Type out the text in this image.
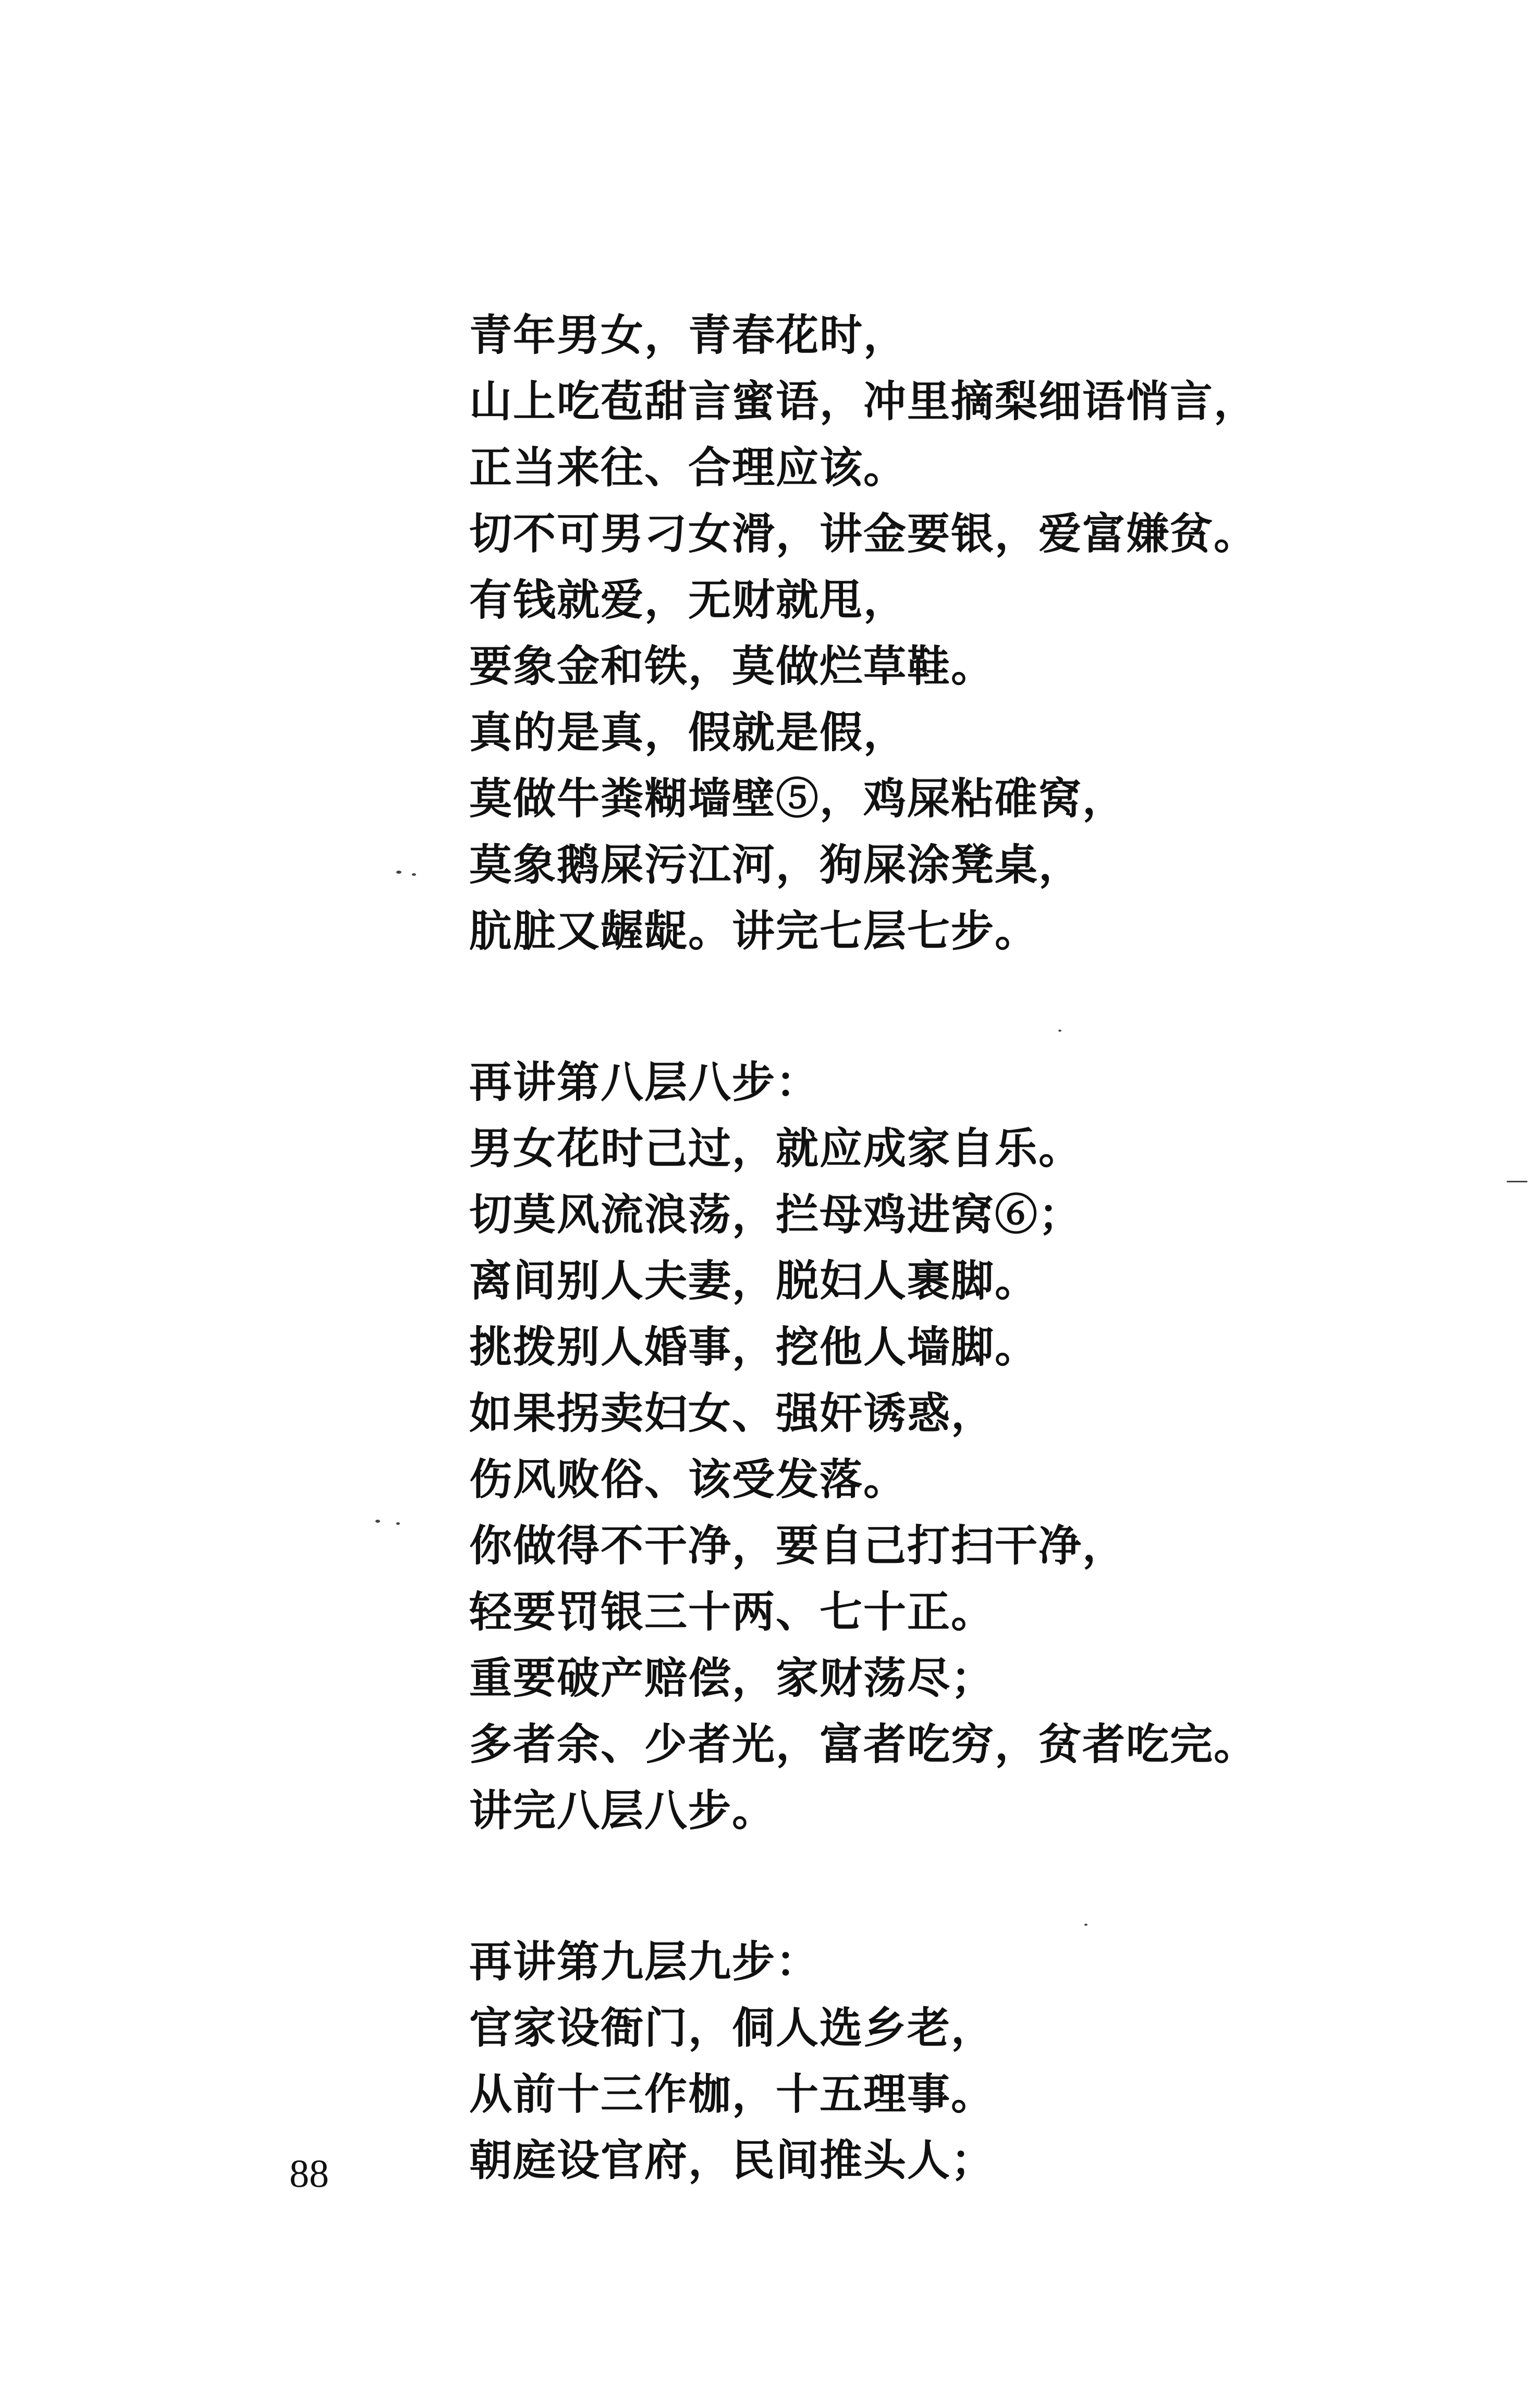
青年男女，青春花时，
山上吃苞甜言蜜语，冲里摘梨细语悄言，
正当来往、合理应该。
切不可男刁女滑，讲金要银，爱富嫌贫。
有钱就爱，无财就甩，
要象金和铁，莫做烂草鞋。
真的是真，假就是假，
莫做牛粪糊墙壁⑤，鸡屎粘碓窝，
莫象鹅屎污江河，狗屎涂凳桌，
肮脏又龌龊。讲完七层七步。
再讲第八层八步：
男女花时己过，就应成家自乐。
切莫风流浪荡，拦母鸡进窝⑥；
离间别人夫妻，脱妇人裹脚。
挑拨别人婚事，挖他人墙脚。
如果拐卖妇女、强奸诱惑，
伤风败俗、该受发落。
你做得不干净，要自己打扫干净，
轻要罚银三十两、七十正。
重要破产赔偿，家财荡尽；
多者余、少者光，富者吃穷，贫者吃完。
讲完八层八步。
再讲第九层九步：
官家设衙门，侗人选乡老，
从前十三作枷，十五理事。
朝庭设官府，民间推头人；
88
